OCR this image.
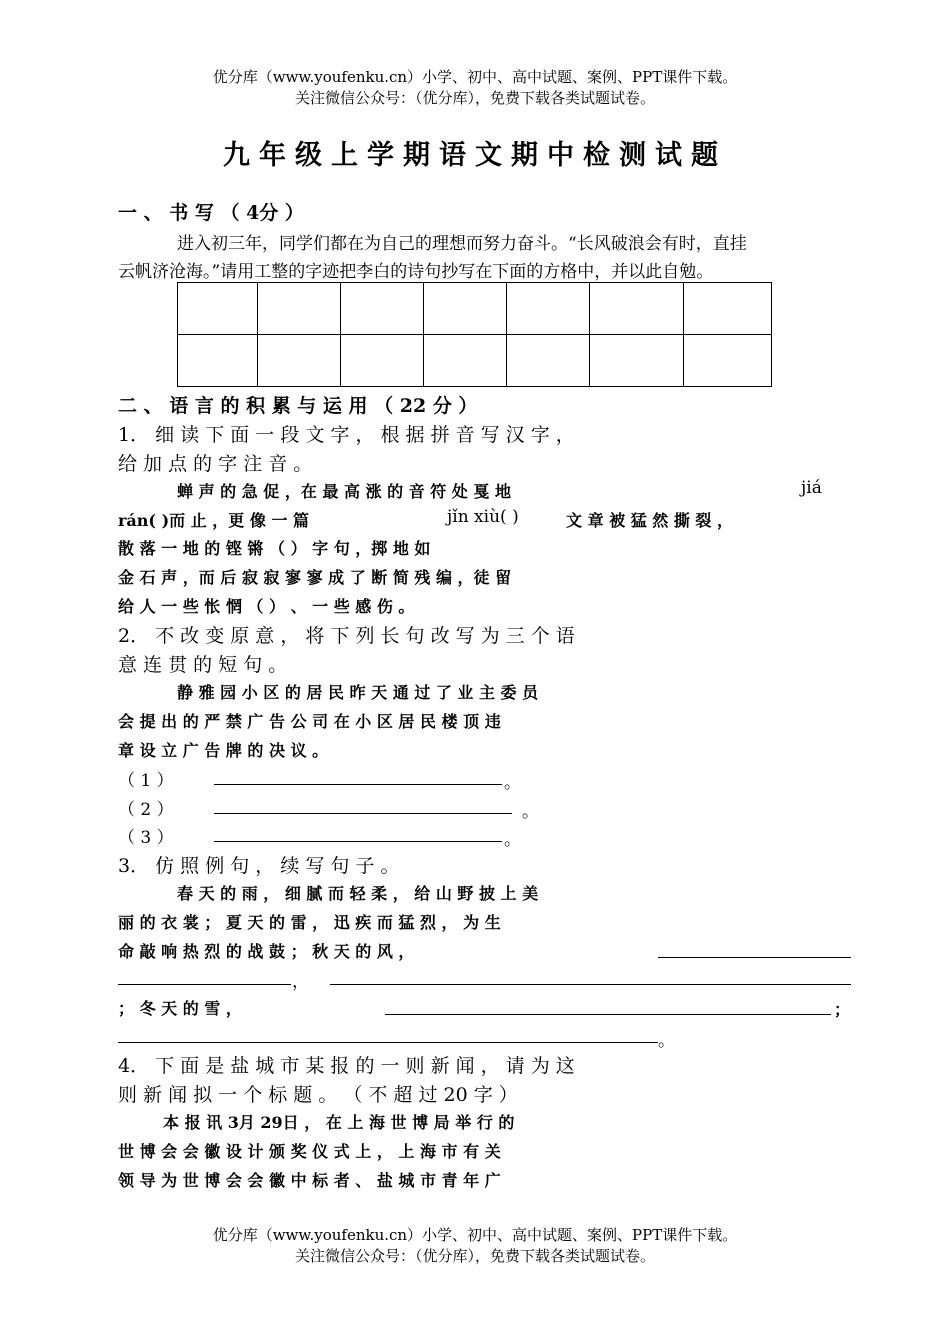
优分库（www.youfenku.cn）小学、初中、高中试题、案例、PPT课件下载。
关注微信公众号：（优分库），免费下载各类试题试卷。
九年级上学期语文期中检测试题
一 、 书 写 （ 4分 ）
进入初三年，同学们都在为自己的理想而努力奋斗。“长风破浪会有时，直挂
云帆济沧海。”请用工整的字迹把李白的诗句抄写在下面的方格中，并以此自勉。

二 、 语 言 的 积 累 与 运 用 （ 22 分 ）
1． 细 读 下 面 一 段 文 字 ， 根 据 拼 音 写 汉 字 ，
给 加 点 的 字 注 音 。
蝉 声 的 急 促 ，在 最 高 涨 的 音 符 处 戛 地	jiá
rán( )而 止 ，更 像 一 篇	jǐn xiù( )	文 章 被 猛 然 撕 裂 ，
散 落 一 地 的 铿 锵 （ ） 字 句 ，掷 地 如
金 石 声 ，而 后 寂 寂 寥 寥 成 了 断 简 残 编 ，徒 留
给 人 一 些 怅 惘 （ ） 、 一 些 感 伤 。
2． 不 改 变 原 意 ， 将 下 列 长 句 改 写 为 三 个 语
意 连 贯 的 短 句 。
静 雅 园 小 区 的 居 民 昨 天 通 过 了 业 主 委 员
会 提 出 的 严 禁 广 告 公 司 在 小 区 居 民 楼 顶 违
章 设 立 广 告 牌 的 决 议 。
（ 1 ）	。
（ 2 ）	。
（ 3 ）	。
3． 仿 照 例 句 ， 续 写 句 子 。
春 天 的 雨 ， 细 腻 而 轻 柔 ， 给 山 野 披 上 美
丽 的 衣 裳 ； 夏 天 的 雷 ， 迅 疾 而 猛 烈 ， 为 生
命 敲 响 热 烈 的 战 鼓 ； 秋 天 的 风 ，
，
； 冬 天 的 雪 ，	；
。
4． 下 面 是 盐 城 市 某 报 的 一 则 新 闻 ， 请 为 这
则 新 闻 拟 一 个 标 题 。 （ 不 超 过 20 字 ）
本 报 讯 3月 29日 ， 在 上 海 世 博 局 举 行 的
世 博 会 会 徽 设 计 颁 奖 仪 式 上 ， 上 海 市 有 关
领 导 为 世 博 会 会 徽 中 标 者 、 盐 城 市 青 年 广
优分库（www.youfenku.cn）小学、初中、高中试题、案例、PPT课件下载。
关注微信公众号：（优分库），免费下载各类试题试卷。
